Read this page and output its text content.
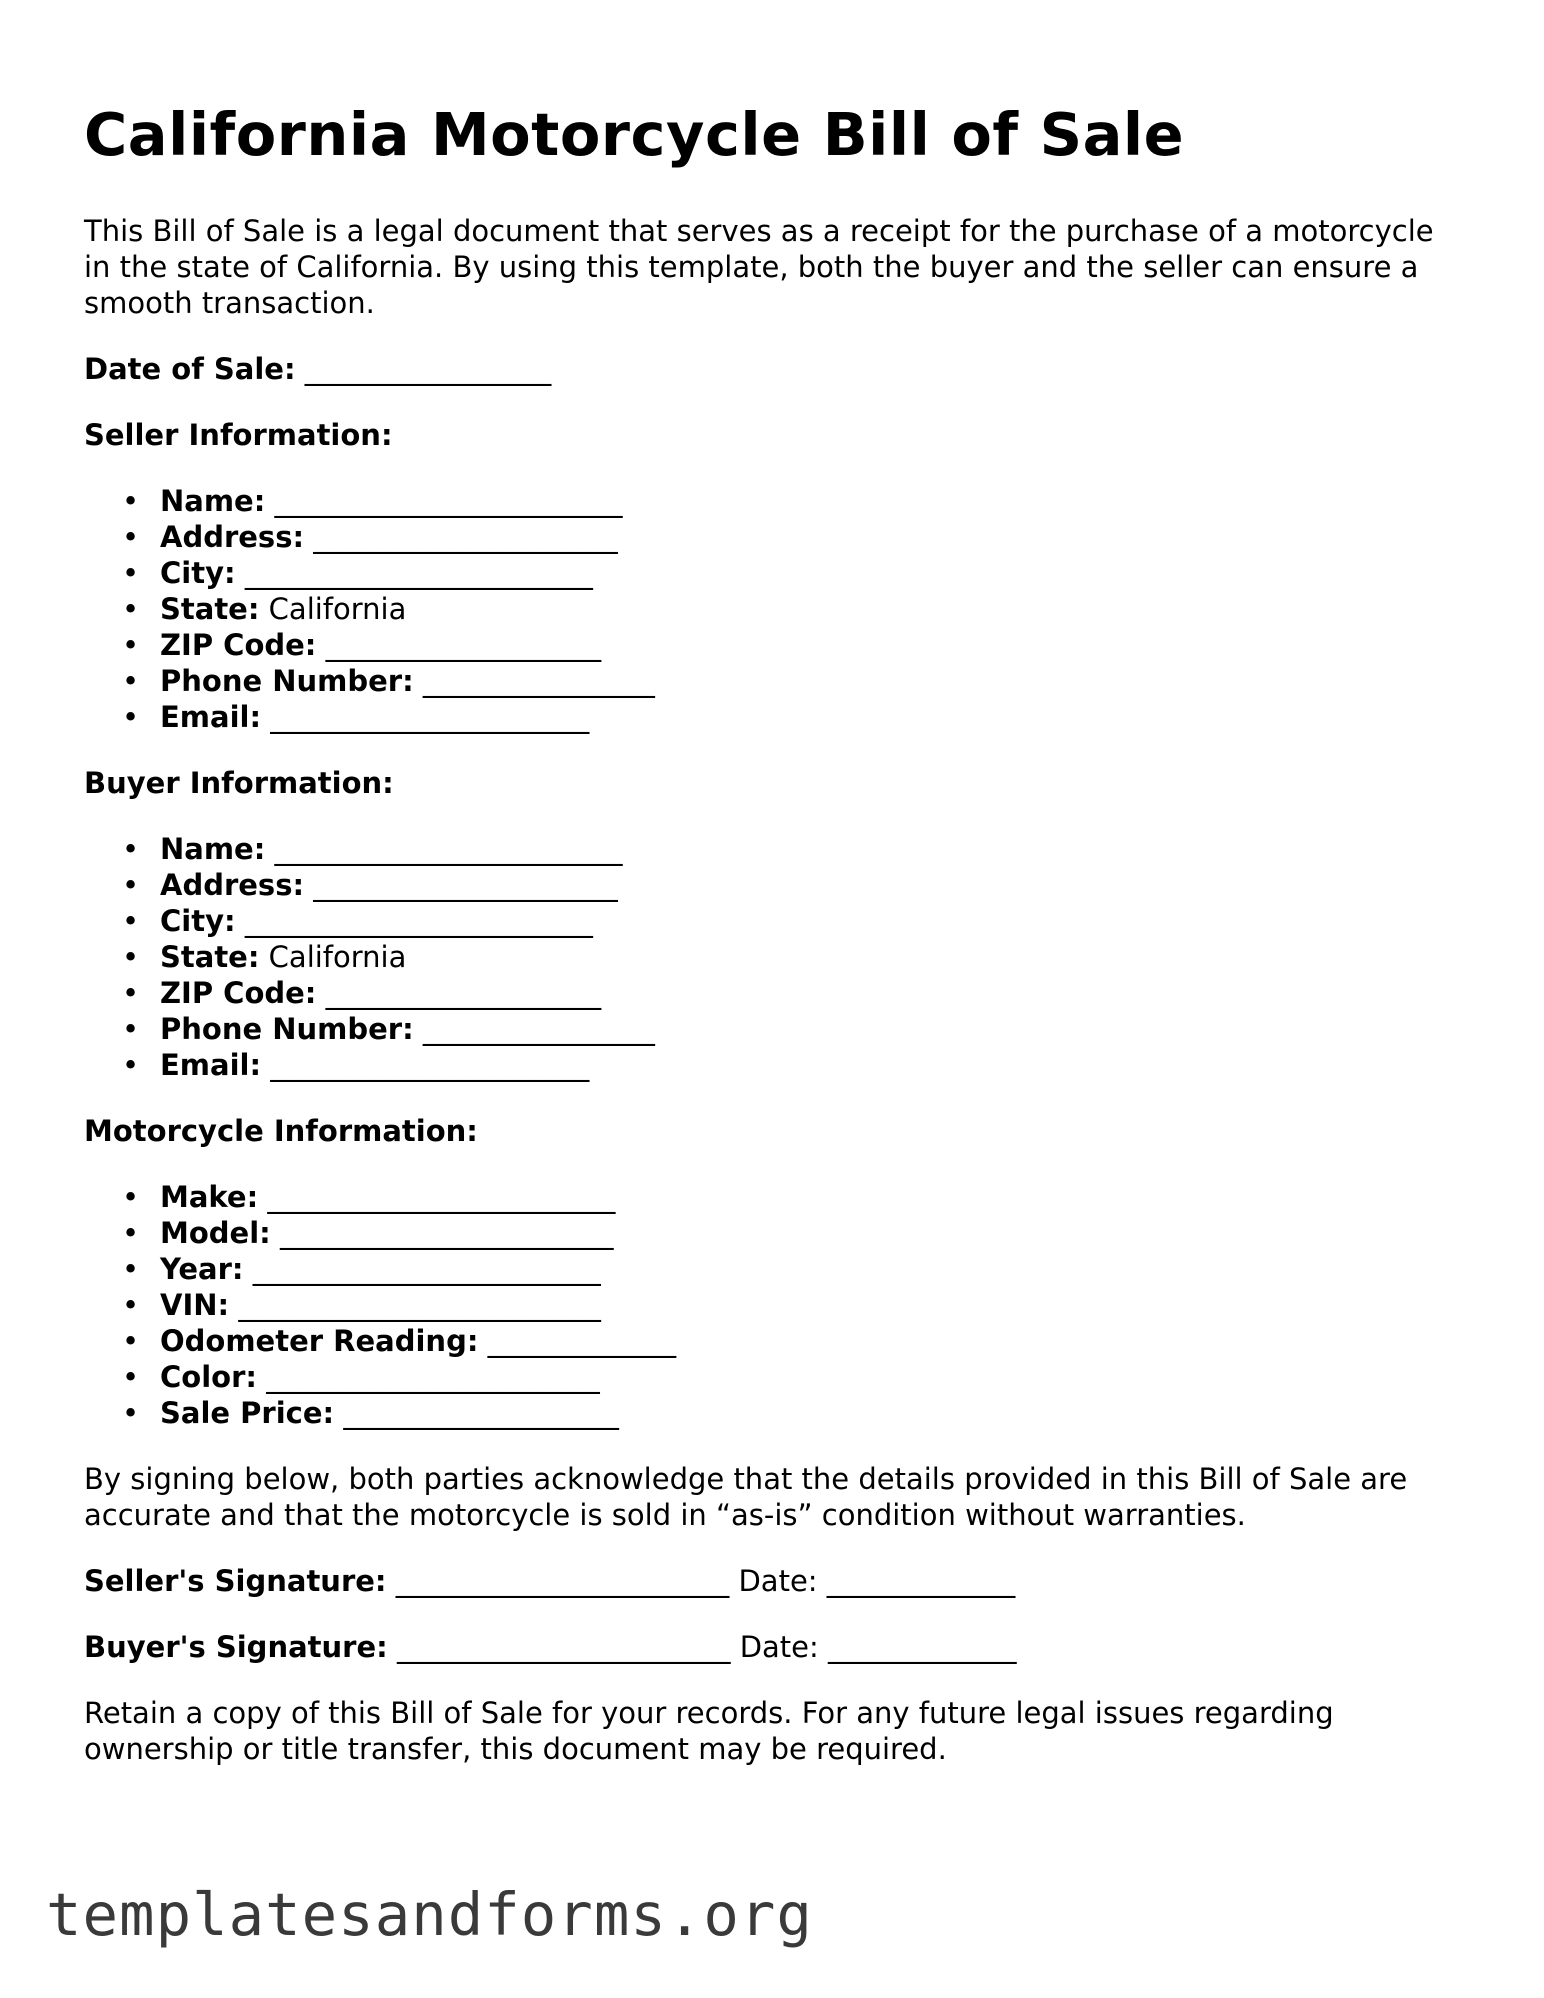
California Motorcycle Bill of Sale

This Bill of Sale is a legal document that serves as a receipt for the purchase of a motorcycle in the state of California. By using this template, both the buyer and the seller can ensure a smooth transaction.

Date of Sale: _________________

Seller Information:

• Name: ________________________
• Address: _____________________
• City: ________________________
• State: California
• ZIP Code: ___________________
• Phone Number: ________________
• Email: ______________________

Buyer Information:

• Name: ________________________
• Address: _____________________
• City: ________________________
• State: California
• ZIP Code: ___________________
• Phone Number: ________________
• Email: ______________________

Motorcycle Information:

• Make: ________________________
• Model: _______________________
• Year: ________________________
• VIN: _________________________
• Odometer Reading: _____________
• Color: _______________________
• Sale Price: ___________________

By signing below, both parties acknowledge that the details provided in this Bill of Sale are accurate and that the motorcycle is sold in “as-is” condition without warranties.

Seller's Signature: _______________________ Date: _____________

Buyer's Signature: _______________________ Date: _____________

Retain a copy of this Bill of Sale for your records. For any future legal issues regarding ownership or title transfer, this document may be required.

templatesandforms.org
